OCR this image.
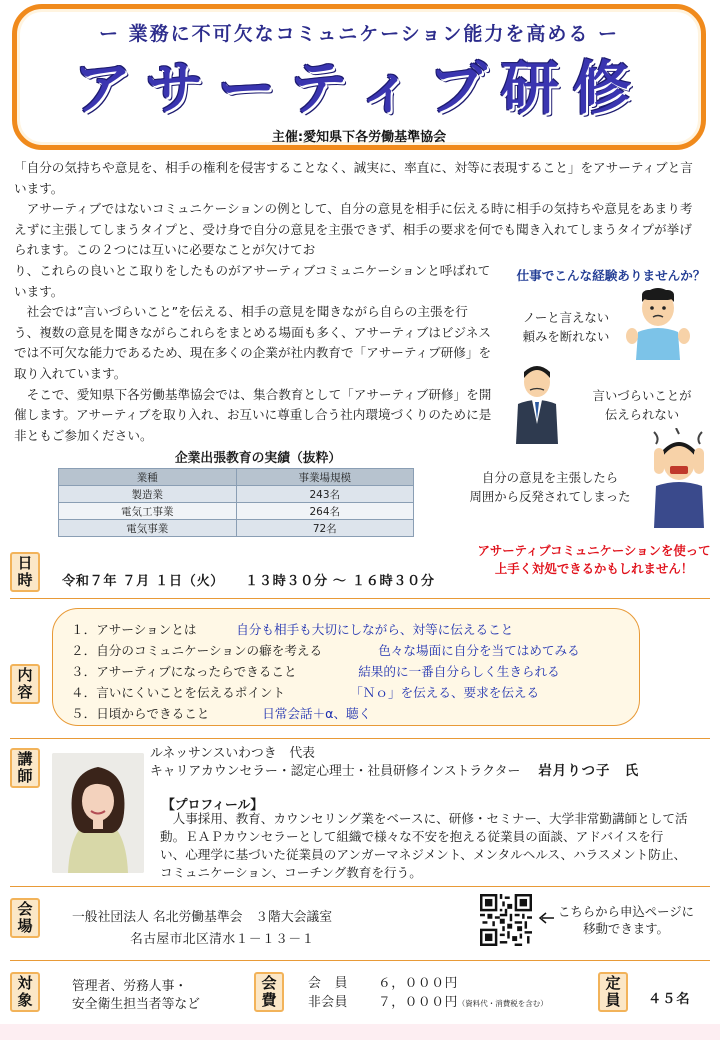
ー 業務に不可欠なコミュニケーション能力を高める ー
アサーティブ研修
主催:愛知県下各労働基準協会

「自分の気持ちや意見を、相手の権利を侵害することなく、誠実に、率直に、対等に表現すること」をアサーティブと言います。

アサーティブではないコミュニケーションの例として、自分の意見を相手に伝える時に相手の気持ちや意見をあまり考えずに主張してしまうタイプと、受け身で自分の意見を主張できず、相手の要求を何でも聞き入れてしまうタイプが挙げられます。この２つには互いに必要なことが欠けてお

り、これらの良いとこ取りをしたものがアサーティブコミュニケーションと呼ばれています。

社会では”言いづらいこと”を伝える、相手の意見を聞きながら自らの主張を行う、複数の意見を聞きながらこれらをまとめる場面も多く、アサーティブはビジネスでは不可欠な能力であるため、現在多くの企業が社内教育で「アサーティブ研修」を取り入れています。

そこで、愛知県下各労働基準協会では、集合教育として「アサーティブ研修」を開催します。アサーティブを取り入れ、お互いに尊重し合う社内環境づくりのために是非ともご参加ください。

仕事でこんな経験ありませんか？
ノーと言えない
頼みを断れない
言いづらいことが
伝えられない
自分の意見を主張したら
周囲から反発されてしまった
アサーティブコミュニケーションを使って
上手く対処できるかもしれません！
企業出張教育の実績（抜粋）
業種	事業場規模
製造業	243名
電気工事業	264名
電気事業	72名
日
時 令和７年 ７月 １日（火）　　１３時３０分 ～ １６時３０分
内
容
１． アサーションとは	自分も相手も大切にしながら、対等に伝えること
２． 自分のコミュニケーションの癖を考える	色々な場面に自分を当てはめてみる
３． アサーティブになったらできること	結果的に一番自分らしく生きられる
４． 言いにくいことを伝えるポイント	「Ｎｏ」を伝える、要求を伝える
５． 日頃からできること	日常会話＋α、聴く
講
師
ルネッサンスいわつき　代表
キャリアカウンセラー・認定心理士・社員研修インストラクター 岩月りつ子　氏
【プロフィール】
人事採用、教育、カウンセリング業をベースに、研修・セミナー、大学非常勤講師として活動。ＥＡＰカウンセラーとして組織で様々な不安を抱える従業員の面談、アドバイスを行い、心理学に基づいた従業員のアンガーマネジメント、メンタルヘルス、ハラスメント防止、コミュニケーション、コーチング教育を行う。
会
場	一般社団法人 名北労働基準会　３階大会議室
名古屋市北区清水１－１３－１
こちらから申込ページに
移動できます。
対
象
管理者、労務人事・
安全衛生担当者等など
会
費
会　員 ６，０００円
非会員 ７，０００円（資料代・消費税を含む）
定
員 ４５名
